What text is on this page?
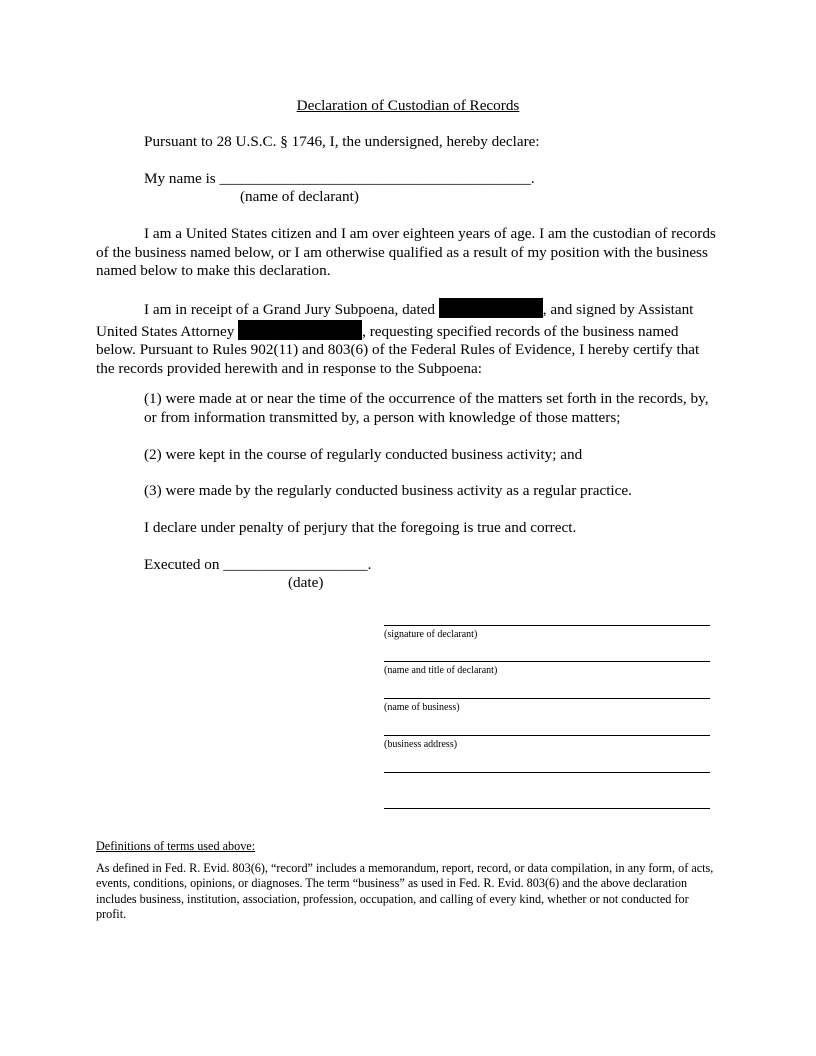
Declaration of Custodian of Records
Pursuant to 28 U.S.C. § 1746, I, the undersigned, hereby declare:
My name is _________________________________________.
(name of declarant)
I am a United States citizen and I am over eighteen years of age. I am the custodian of records of the business named below, or I am otherwise qualified as a result of my position with the business named below to make this declaration.
I am in receipt of a Grand Jury Subpoena, dated	, and signed by Assistant United States Attorney	, requesting specified records of the business named below. Pursuant to Rules 902(11) and 803(6) of the Federal Rules of Evidence, I hereby certify that the records provided herewith and in response to the Subpoena:
(1) were made at or near the time of the occurrence of the matters set forth in the records, by, or from information transmitted by, a person with knowledge of those matters;
(2) were kept in the course of regularly conducted business activity; and
(3) were made by the regularly conducted business activity as a regular practice.
I declare under penalty of perjury that the foregoing is true and correct.
Executed on ___________________.
(date)
(signature of declarant)
(name and title of declarant)
(name of business)
(business address)
Definitions of terms used above:
As defined in Fed. R. Evid. 803(6), “record” includes a memorandum, report, record, or data compilation, in any form, of acts, events, conditions, opinions, or diagnoses. The term “business” as used in Fed. R. Evid. 803(6) and the above declaration includes business, institution, association, profession, occupation, and calling of every kind, whether or not conducted for profit.
